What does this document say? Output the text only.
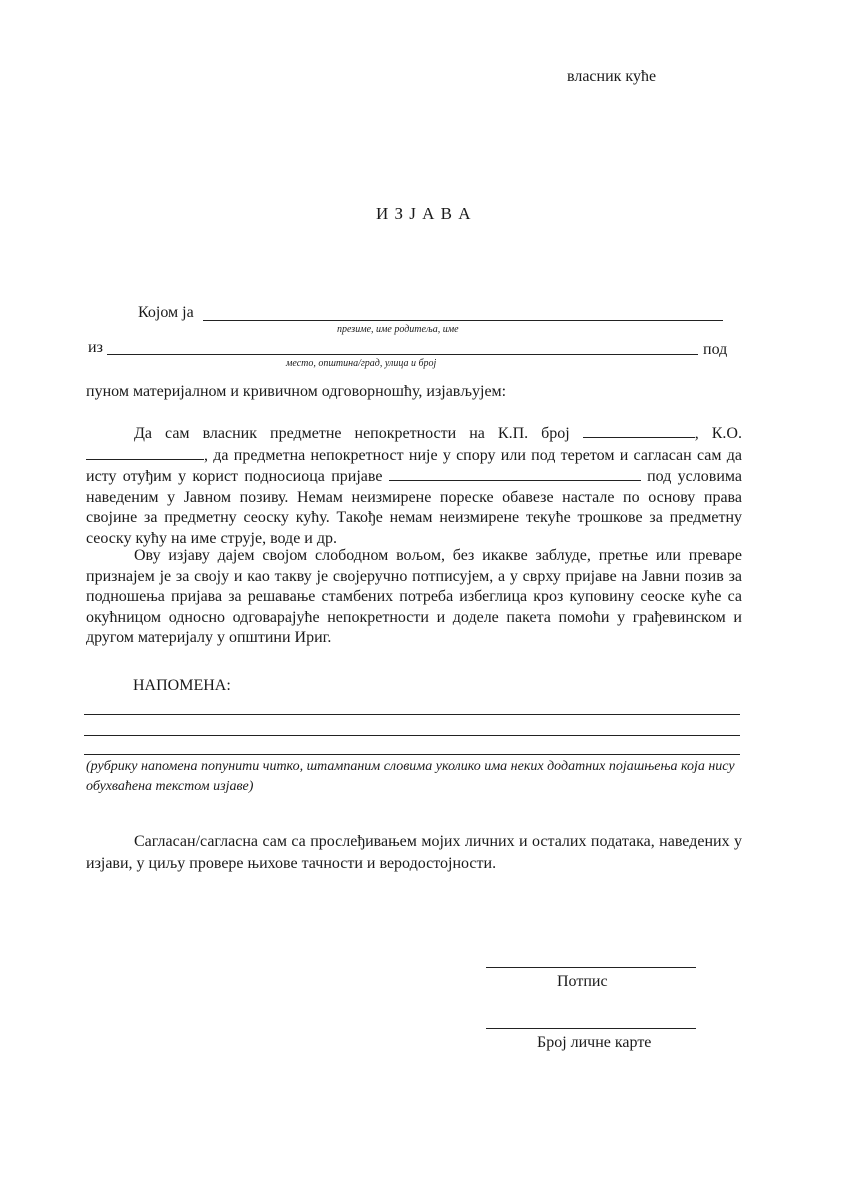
власник куће
И З Ј А В А
Којом ја
презиме, име родитеља, име
из	под
место, општина/град, улица и број
пуном материјалном и кривичном одговорношћу, изјављујем:
Да сам власник предметне непокретности на К.П. број	, К.О. , да предметна непокретност није у спору или под теретом и сагласан сам да исту отуђим у корист подносиоца пријаве	под условима наведеним у Јавном позиву. Немам неизмирене пореске обавезе настале по основу права својине за предметну сеоску кућу. Такође немам неизмирене текуће трошкове за предметну сеоску кућу на име струје, воде и др.
Ову изјаву дајем својом слободном вољом, без икакве заблуде, претње или преваре признајем је за своју и као такву је својеручно потписујем, а у сврху пријаве на Јавни позив за подношења пријава за решавање стамбених потреба избеглица кроз куповину сеоске куће са окућницом односно одговарајуће непокретности и доделе пакета помоћи у грађевинском и другом материјалу у општини Ириг.
НАПОМЕНА:
(рубрику напомена попунити читко, штампаним словима уколико има неких додатних појашњења која нису обухваћена текстом изјаве)
Сагласан/сагласна сам са прослеђивањем мојих личних и осталих података, наведених у изјави, у циљу провере њихове тачности и веродостојности.
Потпис
Број личне карте
